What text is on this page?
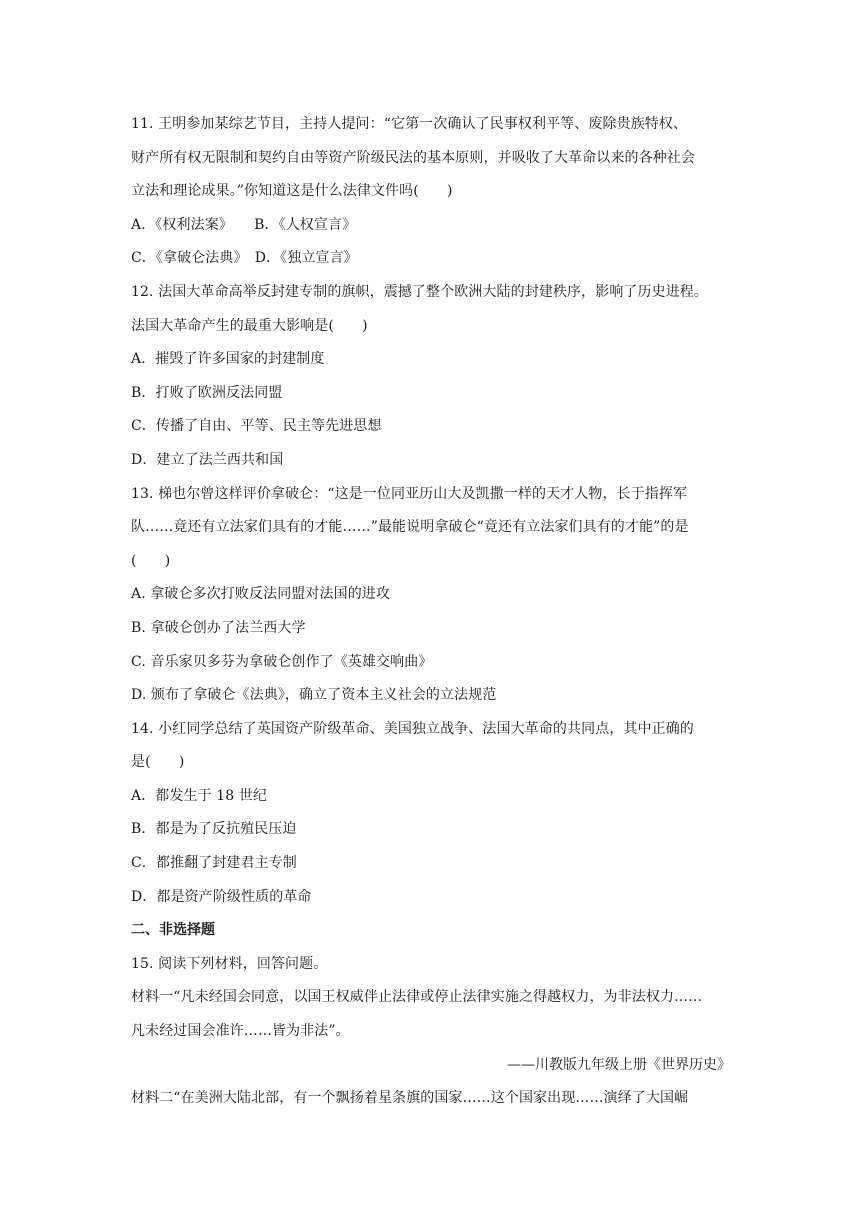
11. 王明参加某综艺节目，主持人提问：“它第一次确认了民事权利平等、废除贵族特权、
财产所有权无限制和契约自由等资产阶级民法的基本原则，并吸收了大革命以来的各种社会
立法和理论成果。”你知道这是什么法律文件吗(　　)
A．《权利法案》　　B．《人权宣言》
C．《拿破仑法典》　D．《独立宣言》
12. 法国大革命高举反封建专制的旗帜，震撼了整个欧洲大陆的封建秩序，影响了历史进程。
法国大革命产生的最重大影响是(　　)
A．摧毁了许多国家的封建制度
B．打败了欧洲反法同盟
C．传播了自由、平等、民主等先进思想
D．建立了法兰西共和国
13. 梯也尔曾这样评价拿破仑：“这是一位同亚历山大及凯撒一样的天才人物，长于指挥军
队……竟还有立法家们具有的才能……”最能说明拿破仑“竟还有立法家们具有的才能”的是
(　　)
A. 拿破仑多次打败反法同盟对法国的进攻
B. 拿破仑创办了法兰西大学
C. 音乐家贝多芬为拿破仑创作了《英雄交响曲》
D. 颁布了拿破仑《法典》，确立了资本主义社会的立法规范
14. 小红同学总结了英国资产阶级革命、美国独立战争、法国大革命的共同点，其中正确的
是(　　)
A．都发生于 18 世纪
B．都是为了反抗殖民压迫
C．都推翻了封建君主专制
D．都是资产阶级性质的革命
二、非选择题
15. 阅读下列材料，回答问题。
材料一“凡未经国会同意，以国王权威伴止法律或停止法律实施之得越权力，为非法权力……
凡未经过国会准许……皆为非法”。
——川教版九年级上册《世界历史》
材料二“在美洲大陆北部，有一个飘扬着星条旗的国家……这个国家出现……演绎了大国崛
